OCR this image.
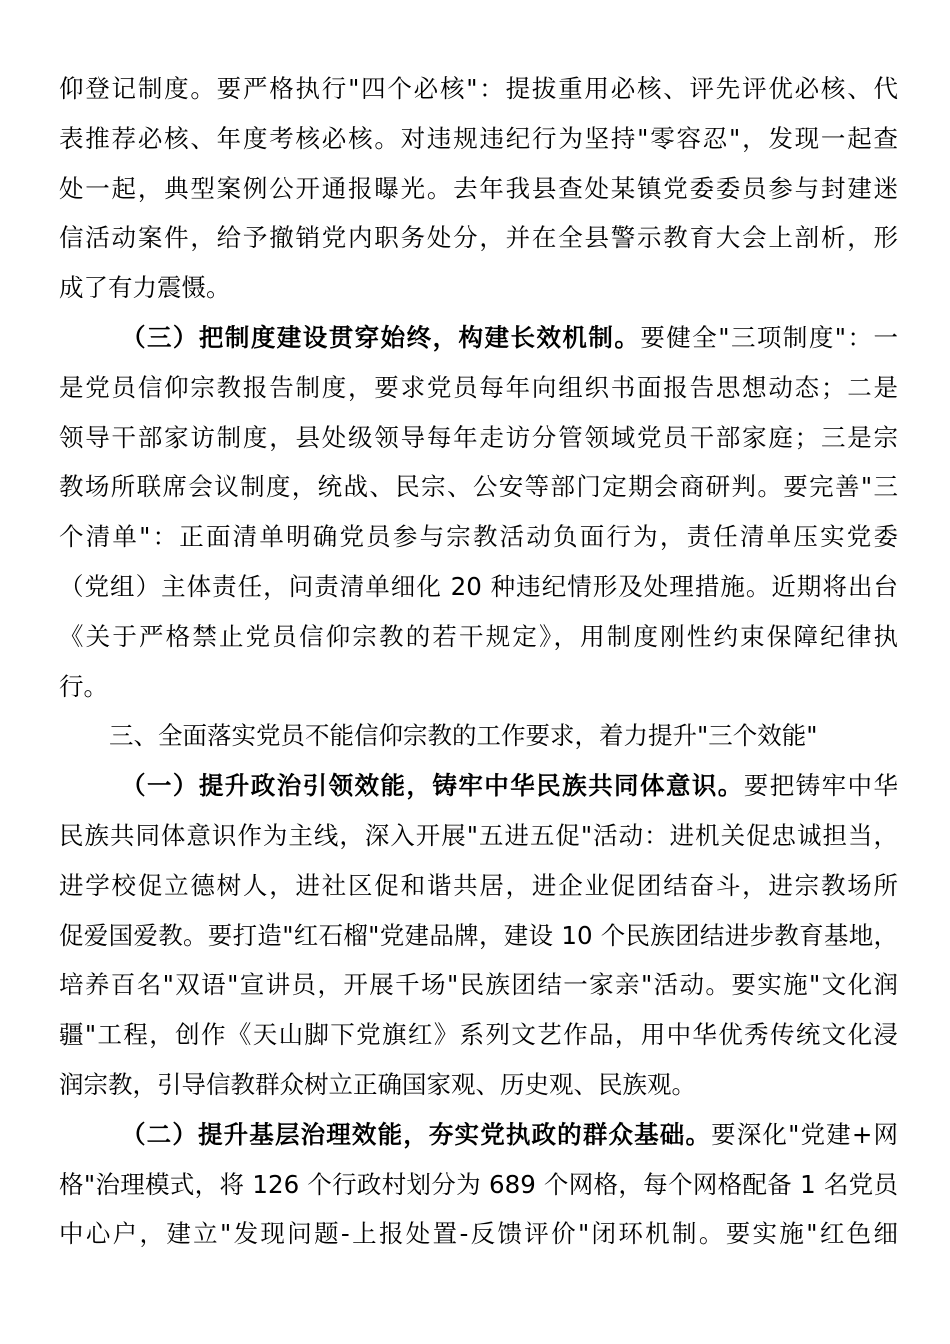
仰登记制度。要严格执行"四个必核"：提拔重用必核、评先评优必核、代
表推荐必核、年度考核必核。对违规违纪行为坚持"零容忍"，发现一起查
处一起，典型案例公开通报曝光。去年我县查处某镇党委委员参与封建迷
信活动案件，给予撤销党内职务处分，并在全县警示教育大会上剖析，形
成了有力震慑。
（三）把制度建设贯穿始终，构建长效机制。要健全"三项制度"：一
是党员信仰宗教报告制度，要求党员每年向组织书面报告思想动态；二是
领导干部家访制度，县处级领导每年走访分管领域党员干部家庭；三是宗
教场所联席会议制度，统战、民宗、公安等部门定期会商研判。要完善"三
个清单"：正面清单明确党员参与宗教活动负面行为，责任清单压实党委
（党组）主体责任，问责清单细化 20 种违纪情形及处理措施。近期将出台
《关于严格禁止党员信仰宗教的若干规定》，用制度刚性约束保障纪律执
行。
三、全面落实党员不能信仰宗教的工作要求，着力提升"三个效能"
（一）提升政治引领效能，铸牢中华民族共同体意识。要把铸牢中华
民族共同体意识作为主线，深入开展"五进五促"活动：进机关促忠诚担当，
进学校促立德树人，进社区促和谐共居，进企业促团结奋斗，进宗教场所
促爱国爱教。要打造"红石榴"党建品牌，建设 10 个民族团结进步教育基地，
培养百名"双语"宣讲员，开展千场"民族团结一家亲"活动。要实施"文化润
疆"工程，创作《天山脚下党旗红》系列文艺作品，用中华优秀传统文化浸
润宗教，引导信教群众树立正确国家观、历史观、民族观。
（二）提升基层治理效能，夯实党执政的群众基础。要深化"党建+网
格"治理模式，将 126 个行政村划分为 689 个网格，每个网格配备 1 名党员
中心户，建立"发现问题-上报处置-反馈评价"闭环机制。要实施"红色细
